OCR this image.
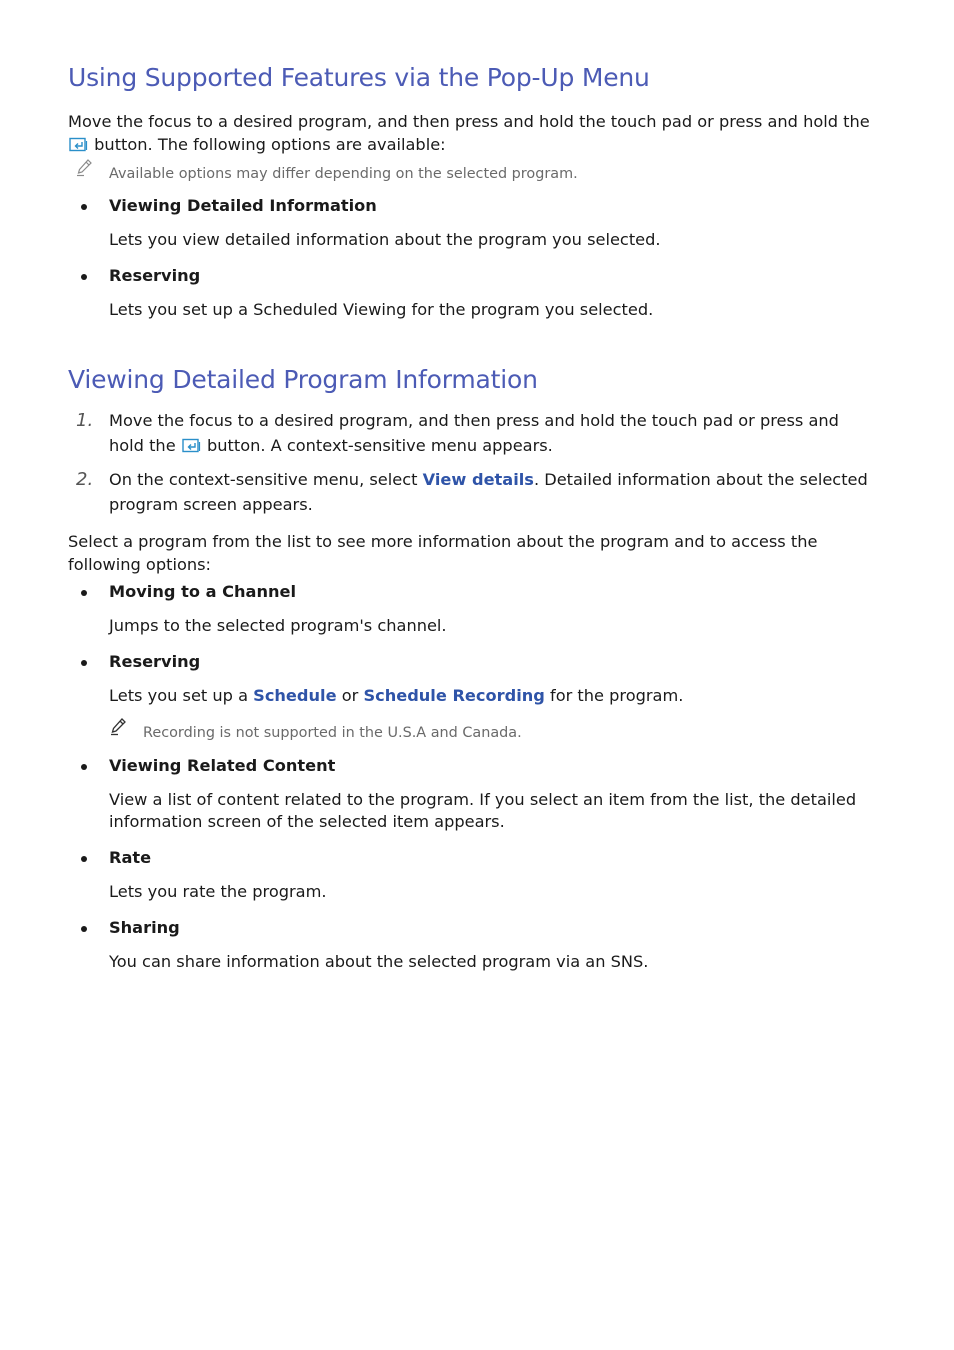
Using Supported Features via the Pop-Up Menu
Move the focus to a desired program, and then press and hold the touch pad or press and hold the  button. The following options are available:
Available options may differ depending on the selected program.
Viewing Detailed Information
Lets you view detailed information about the program you selected.
Reserving
Lets you set up a Scheduled Viewing for the program you selected.
Viewing Detailed Program Information
1. Move the focus to a desired program, and then press and hold the touch pad or press and hold the button. A context-sensitive menu appears.
2. On the context-sensitive menu, select View details. Detailed information about the selected program screen appears.
Select a program from the list to see more information about the program and to access the following options:
Moving to a Channel
Jumps to the selected program's channel.
Reserving
Lets you set up a Schedule or Schedule Recording for the program.
Recording is not supported in the U.S.A and Canada.
Viewing Related Content
View a list of content related to the program. If you select an item from the list, the detailed information screen of the selected item appears.
Rate
Lets you rate the program.
Sharing
You can share information about the selected program via an SNS.
